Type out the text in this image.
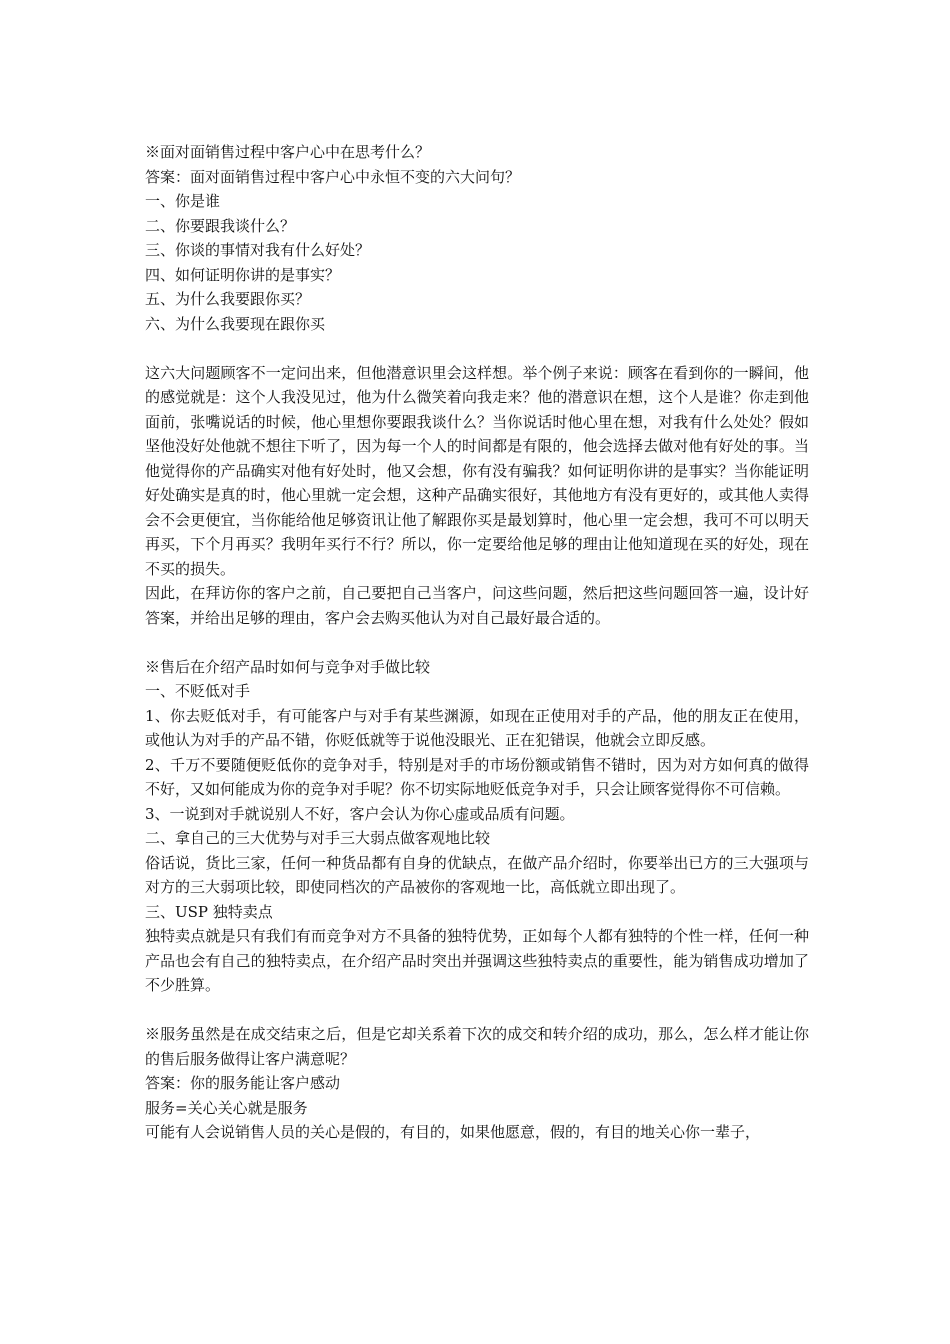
※面对面销售过程中客户心中在思考什么？

答案：面对面销售过程中客户心中永恒不变的六大问句？

一、你是谁

二、你要跟我谈什么？

三、你谈的事情对我有什么好处？

四、如何证明你讲的是事实？

五、为什么我要跟你买？

六、为什么我要现在跟你买

这六大问题顾客不一定问出来，但他潜意识里会这样想。举个例子来说：顾客在看到你的一瞬间，他的感觉就是：这个人我没见过，他为什么微笑着向我走来？他的潜意识在想，这个人是谁？你走到他面前，张嘴说话的时候，他心里想你要跟我谈什么？当你说话时他心里在想，对我有什么处处？假如坚他没好处他就不想往下听了，因为每一个人的时间都是有限的，他会选择去做对他有好处的事。当他觉得你的产品确实对他有好处时，他又会想，你有没有骗我？如何证明你讲的是事实？当你能证明好处确实是真的时，他心里就一定会想，这种产品确实很好，其他地方有没有更好的，或其他人卖得会不会更便宜，当你能给他足够资讯让他了解跟你买是最划算时，他心里一定会想，我可不可以明天再买，下个月再买？我明年买行不行？所以，你一定要给他足够的理由让他知道现在买的好处，现在不买的损失。

因此，在拜访你的客户之前，自己要把自己当客户，问这些问题，然后把这些问题回答一遍，设计好答案，并给出足够的理由，客户会去购买他认为对自己最好最合适的。

※售后在介绍产品时如何与竞争对手做比较

一、不贬低对手

1、你去贬低对手，有可能客户与对手有某些渊源，如现在正使用对手的产品，他的朋友正在使用，或他认为对手的产品不错，你贬低就等于说他没眼光、正在犯错误，他就会立即反感。

2、千万不要随便贬低你的竞争对手，特别是对手的市场份额或销售不错时，因为对方如何真的做得不好，又如何能成为你的竞争对手呢？你不切实际地贬低竞争对手，只会让顾客觉得你不可信赖。

3、一说到对手就说别人不好，客户会认为你心虚或品质有问题。

二、拿自己的三大优势与对手三大弱点做客观地比较

俗话说，货比三家，任何一种货品都有自身的优缺点，在做产品介绍时，你要举出已方的三大强项与对方的三大弱项比较，即使同档次的产品被你的客观地一比，高低就立即出现了。

三、USP 独特卖点

独特卖点就是只有我们有而竞争对方不具备的独特优势，正如每个人都有独特的个性一样，任何一种产品也会有自己的独特卖点，在介绍产品时突出并强调这些独特卖点的重要性，能为销售成功增加了不少胜算。

※服务虽然是在成交结束之后，但是它却关系着下次的成交和转介绍的成功，那么，怎么样才能让你的售后服务做得让客户满意呢？

答案：你的服务能让客户感动

服务=关心关心就是服务

可能有人会说销售人员的关心是假的，有目的，如果他愿意，假的，有目的地关心你一辈子，
